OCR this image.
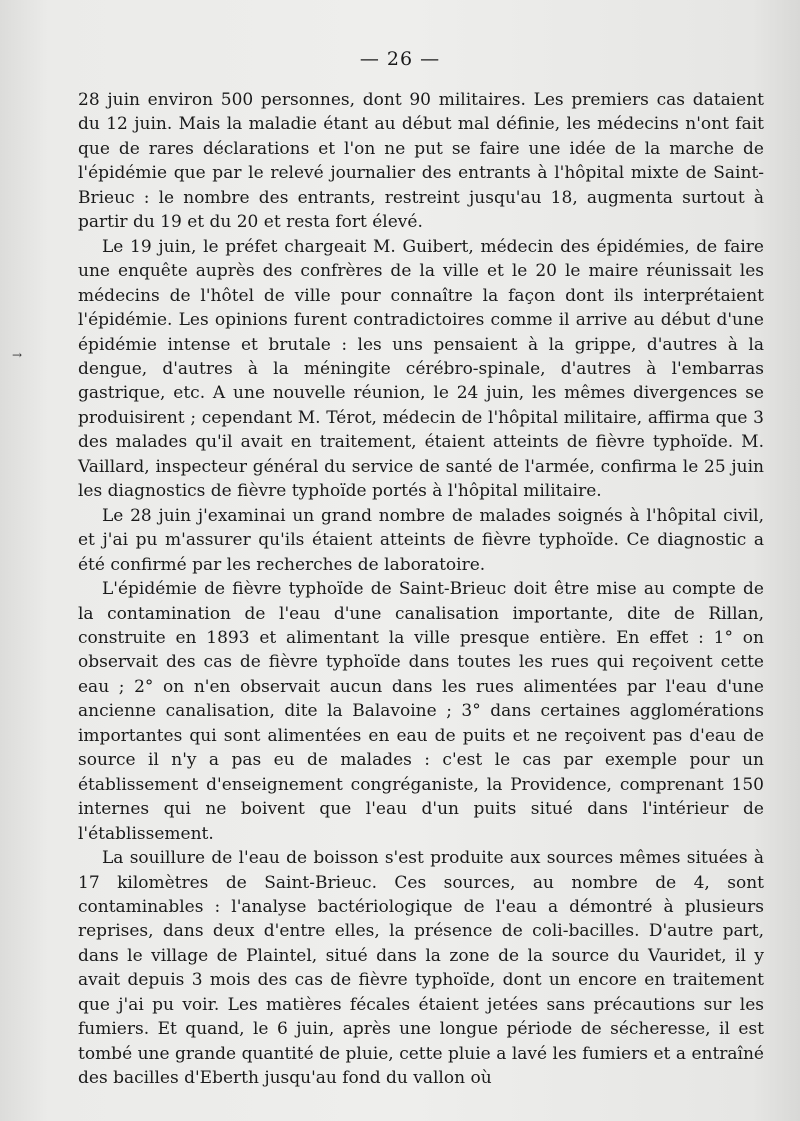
— 26 —
→

28 juin environ 500 personnes, dont 90 militaires. Les premiers cas dataient du 12 juin. Mais la maladie étant au début mal définie, les médecins n'ont fait que de rares déclarations et l'on ne put se faire une idée de la marche de l'épidémie que par le relevé journalier des entrants à l'hôpital mixte de Saint-Brieuc : le nombre des entrants, restreint jusqu'au 18, augmenta surtout à partir du 19 et du 20 et resta fort élevé.

Le 19 juin, le préfet chargeait M. Guibert, médecin des épidémies, de faire une enquête auprès des confrères de la ville et le 20 le maire réunissait les médecins de l'hôtel de ville pour connaître la façon dont ils interprétaient l'épidémie. Les opinions furent contradictoires comme il arrive au début d'une épidémie intense et brutale : les uns pensaient à la grippe, d'autres à la dengue, d'autres à la méningite cérébro-spinale, d'autres à l'embarras gastrique, etc. A une nouvelle réunion, le 24 juin, les mêmes divergences se produisirent ; cependant M. Térot, médecin de l'hôpital militaire, affirma que 3 des malades qu'il avait en traitement, étaient atteints de fièvre typhoïde. M. Vaillard, inspecteur général du service de santé de l'armée, confirma le 25 juin les diagnostics de fièvre typhoïde portés à l'hôpital militaire.

Le 28 juin j'examinai un grand nombre de malades soignés à l'hôpital civil, et j'ai pu m'assurer qu'ils étaient atteints de fièvre typhoïde. Ce diagnostic a été confirmé par les recherches de laboratoire.

L'épidémie de fièvre typhoïde de Saint-Brieuc doit être mise au compte de la contamination de l'eau d'une canalisation importante, dite de Rillan, construite en 1893 et alimentant la ville presque entière. En effet : 1° on observait des cas de fièvre typhoïde dans toutes les rues qui reçoivent cette eau ; 2° on n'en observait aucun dans les rues alimentées par l'eau d'une ancienne canalisation, dite la Balavoine ; 3° dans certaines agglomérations importantes qui sont alimentées en eau de puits et ne reçoivent pas d'eau de source il n'y a pas eu de malades : c'est le cas par exemple pour un établissement d'enseignement congréganiste, la Providence, comprenant 150 internes qui ne boivent que l'eau d'un puits situé dans l'intérieur de l'établissement.

La souillure de l'eau de boisson s'est produite aux sources mêmes situées à 17 kilomètres de Saint-Brieuc. Ces sources, au nombre de 4, sont contaminables : l'analyse bactériologique de l'eau a démontré à plusieurs reprises, dans deux d'entre elles, la présence de coli-bacilles. D'autre part, dans le village de Plaintel, situé dans la zone de la source du Vauridet, il y avait depuis 3 mois des cas de fièvre typhoïde, dont un encore en traitement que j'ai pu voir. Les matières fécales étaient jetées sans précautions sur les fumiers. Et quand, le 6 juin, après une longue période de sécheresse, il est tombé une grande quantité de pluie, cette pluie a lavé les fumiers et a entraîné des bacilles d'Eberth jusqu'au fond du vallon où
